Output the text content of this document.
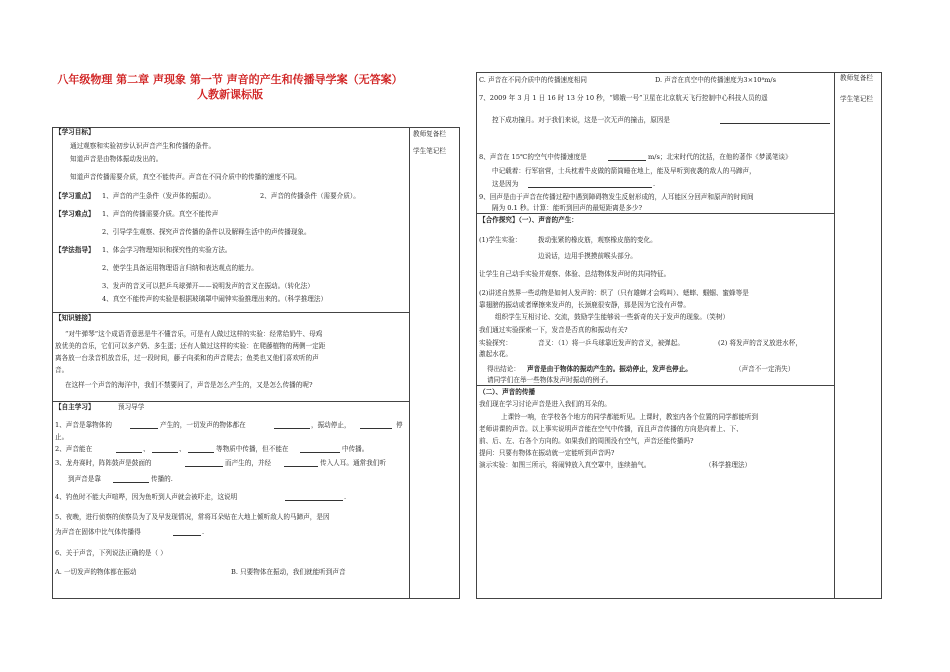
八年级物理 第二章 声现象 第一节 声音的产生和传播导学案（无答案） 人教新课标版
教师复备栏
学生笔记栏
教师复备栏
学生笔记栏
【学习目标】
通过观察和实验初步认识声音产生和传播的条件。
知道声音是由物体振动发出的。
知道声音传播需要介质，真空不能传声。声音在不同介质中的传播的速度不同。
【学习重点】 1、声音的产生条件（发声体的振动）。	2、声音的传播条件（需要介质）。
【学习难点】 1、声音的传播需要介质。真空不能传声
2、引导学生观察、探究声音传播的条件以及解释生活中的声传播现象。
【学法指导】 1、体会学习物理知识和探究性的实验方法。
2、使学生具备运用物理语言归纳和表达观点的能力。
3、发声的音叉可以把乒乓球弹开——说明发声的音叉在振动。（转化法）
4、真空不能传声的实验是根据玻璃罩中闹钟实验推理出来的。（科学推理法）
【知识链接】
“对牛弹琴”这个成语背意思是牛不懂音乐，可是有人做过这样的实验：经常给奶牛、母鸡
放优美的音乐，它们可以多产奶、多生蛋；还有人做过这样的实验：在爬藤植物的两侧一定距
离各放一台录音机放音乐，过一段时间，藤子向柔和的声音爬去；鱼类也又他们喜欢听的声
音。
在这样一个声音的海洋中，我们不禁要问了，声音是怎么产生的，又是怎么传播的呢?
【自主学习】	预习导学
1、声音是靠物体的	产生的，一切发声的物体都在	，振动停止，	停
止。
2、声音能在	、	、	等物质中传播，但不能在	中传播。
3、龙舟赛时，阵阵鼓声是鼓面的	而产生的，并经	传入人耳。通常我们听
到声音是靠	传播的.
4、钓鱼时不能大声喧哗，因为鱼听到人声就会被吓走，这说明	.
5、夜晚，进行侦察的侦察员为了及早发现情况，常将耳朵贴在大地上倾听敌人的马蹄声，是因
为声音在固体中比气体传播得	.
6、关于声音，下列说法正确的是（ ）
A. 一切发声的物体都在振动	B. 只要物体在振动，我们就能听到声音
C. 声音在不同介质中的传播速度相同	D. 声音在真空中的传播速度为3×10⁸m/s
7、2009 年 3 月 1 日 16 时 13 分 10 秒，“嫦娥一号”卫星在北京航天飞行控制中心科技人员的遥
控下成功撞月。对于我们来说，这是一次无声的撞击，原因是
8、声音在 15℃的空气中传播速度是	m/s；北宋时代的沈括，在他的著作《梦溪笔谈》
中记载着：行军宿营，士兵枕着牛皮做的箭筒睡在地上，能及早听到夜袭的敌人的马蹄声，
这是因为	.
9、回声是由于声音在传播过程中遇到障碍物发生反射形成的，人耳能区分回声和原声的时间间
隔为 0.1 秒。计算：能听到回声的最短距离是多少?
【合作探究】（一）、声音的产生：
(1)学生实验：	拨动张紧的橡皮筋，观察橡皮筋的变化。
边说话，边用手摸摸前喉头部分。
让学生自己动手实验并观察、体验、总结物体发声时的共同特征。
(2)讲述自然界一些动物是如何人发声的：织了（只有雄蝉才会鸣叫）、蟋蟀、蝈蝈、蜜蜂等是
靠翅膀的振动或者摩擦来发声的，长颈鹿很安静，那是因为它没有声带。
组织学生互相讨论、交流，鼓励学生能够说一些新奇的关于发声的现象。（笑树）
我们通过实验探索一下，发音是否真的和振动有关?
实验探究：	音叉：（1）将一乒乓球靠近发声的音叉，被弹起。	(2) 将发声的音叉放进水杯，
激起水花。
得出结论： 声音是由于物体的振动产生的。振动停止，发声也停止。	（声音不一定消失）
请同学们在举一些物体发声时振动的例子。
（二）、声音的传播
我们现在学习讨论声音是进入我们的耳朵的。
上课铃一响，在学校各个地方的同学都能听见。上课时，教室内各个位置的同学都能听到
老师讲课的声音。以上事实说明声音能在空气中传播，而且声音传播的方向是向着上、下、
前、后、左、右各个方向的。如果我们的周围没有空气，声音还能传播吗?
提问：只要有物体在振动就一定能听到声音吗?
演示实验：如图三所示，将闹钟放入真空罩中，连续抽气。	（科学推理法）
